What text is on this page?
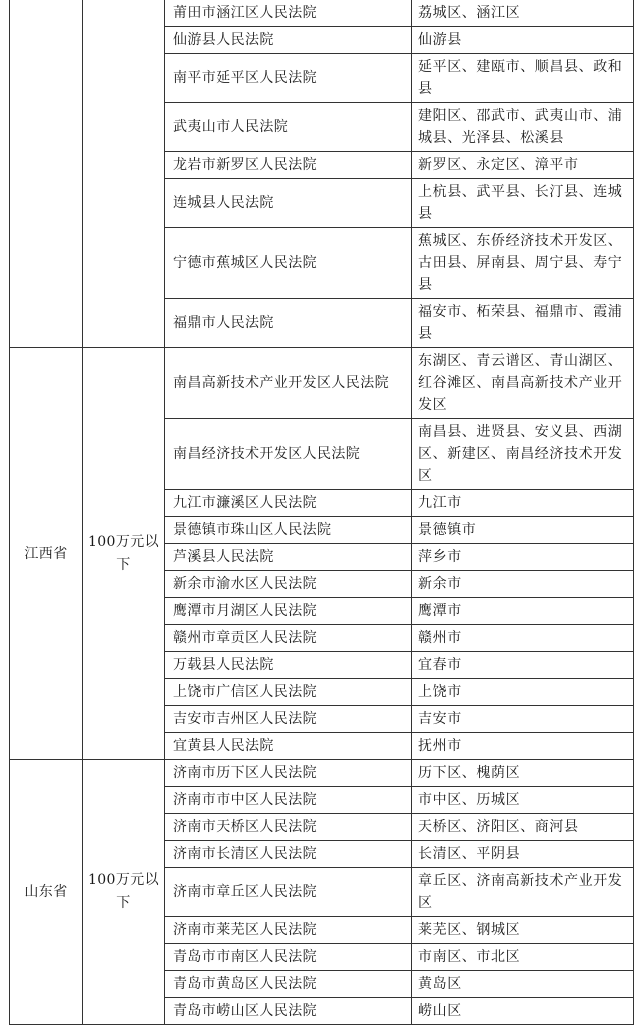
		莆田市涵江区人民法院	荔城区、涵江区
		仙游县人民法院	仙游县
		南平市延平区人民法院	延平区、建瓯市、顺昌县、政和县
		武夷山市人民法院	建阳区、邵武市、武夷山市、浦城县、光泽县、松溪县
		龙岩市新罗区人民法院	新罗区、永定区、漳平市
		连城县人民法院	上杭县、武平县、长汀县、连城县
		宁德市蕉城区人民法院	蕉城区、东侨经济技术开发区、古田县、屏南县、周宁县、寿宁县
		福鼎市人民法院	福安市、柘荣县、福鼎市、霞浦县
江西省	100万元以下	南昌高新技术产业开发区人民法院	东湖区、青云谱区、青山湖区、红谷滩区、南昌高新技术产业开发区
		南昌经济技术开发区人民法院	南昌县、进贤县、安义县、西湖区、新建区、南昌经济技术开发区
		九江市濂溪区人民法院	九江市
		景德镇市珠山区人民法院	景德镇市
		芦溪县人民法院	萍乡市
		新余市渝水区人民法院	新余市
		鹰潭市月湖区人民法院	鹰潭市
		赣州市章贡区人民法院	赣州市
		万载县人民法院	宜春市
		上饶市广信区人民法院	上饶市
		吉安市吉州区人民法院	吉安市
		宜黄县人民法院	抚州市
山东省	100万元以下	济南市历下区人民法院	历下区、槐荫区
		济南市市中区人民法院	市中区、历城区
		济南市天桥区人民法院	天桥区、济阳区、商河县
		济南市长清区人民法院	长清区、平阴县
		济南市章丘区人民法院	章丘区、济南高新技术产业开发区
		济南市莱芜区人民法院	莱芜区、钢城区
		青岛市市南区人民法院	市南区、市北区
		青岛市黄岛区人民法院	黄岛区
		青岛市崂山区人民法院	崂山区
